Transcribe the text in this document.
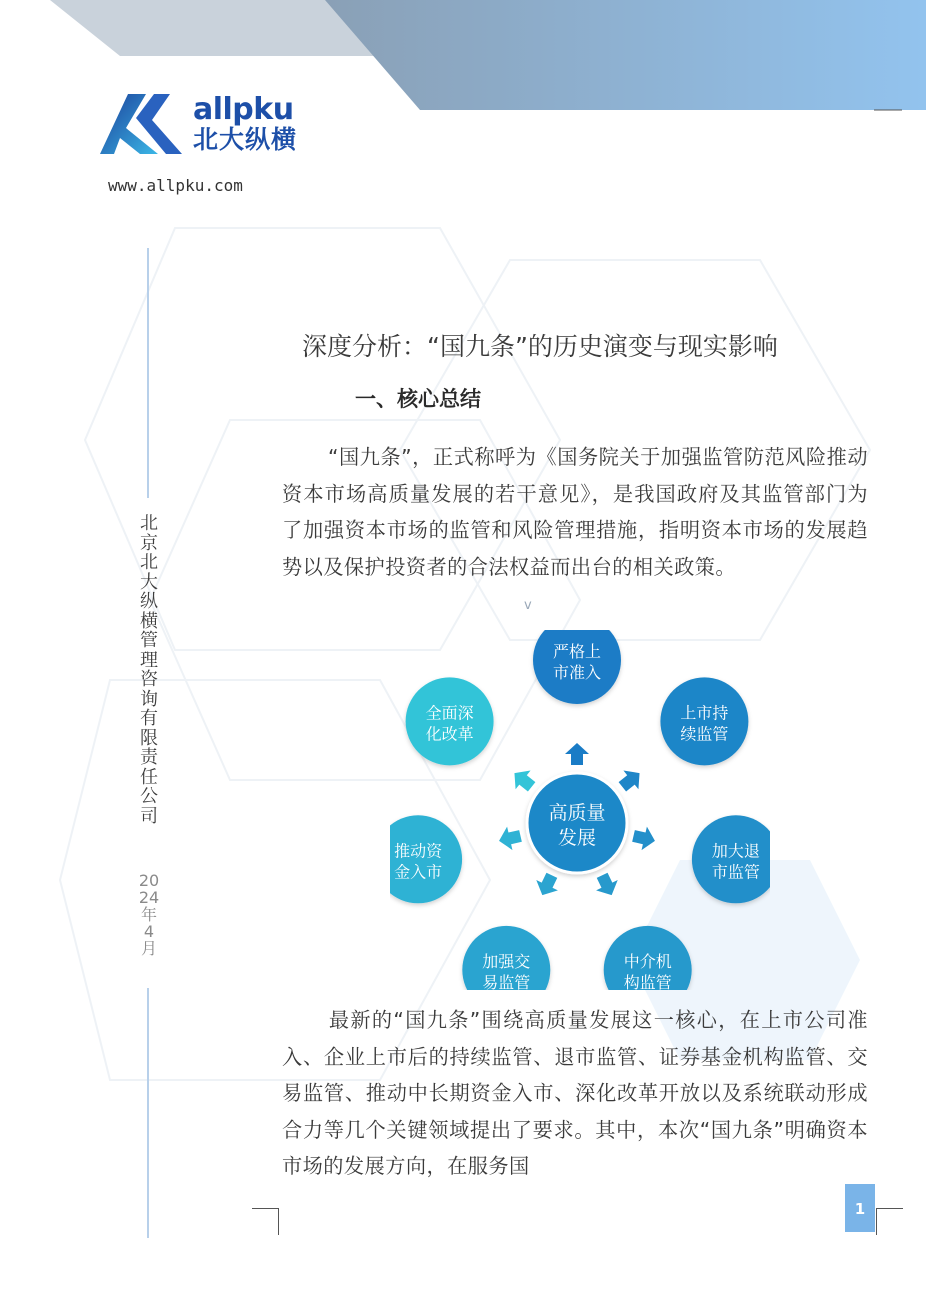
allpku
北大纵横
www.allpku.com
北京北大纵横管理咨询有限责任公司
2024年4月
深度分析：“国九条”的历史演变与现实影响
一、核心总结
“国九条”，正式称呼为《国务院关于加强监管防范风险推动资本市场高质量发展的若干意见》，是我国政府及其监管部门为了加强资本市场的监管和风险管理措施，指明资本市场的发展趋势以及保护投资者的合法权益而出台的相关政策。
v
严格上
市准入
上市持
续监管
加大退
市监管
中介机
构监管
加强交
易监管
推动资
金入市
全面深
化改革
高质量
发展
最新的“国九条”围绕高质量发展这一核心，在上市公司准入、企业上市后的持续监管、退市监管、证券基金机构监管、交易监管、推动中长期资金入市、深化改革开放以及系统联动形成合力等几个关键领域提出了要求。其中，本次“国九条”明确资本市场的发展方向，在服务国
1
